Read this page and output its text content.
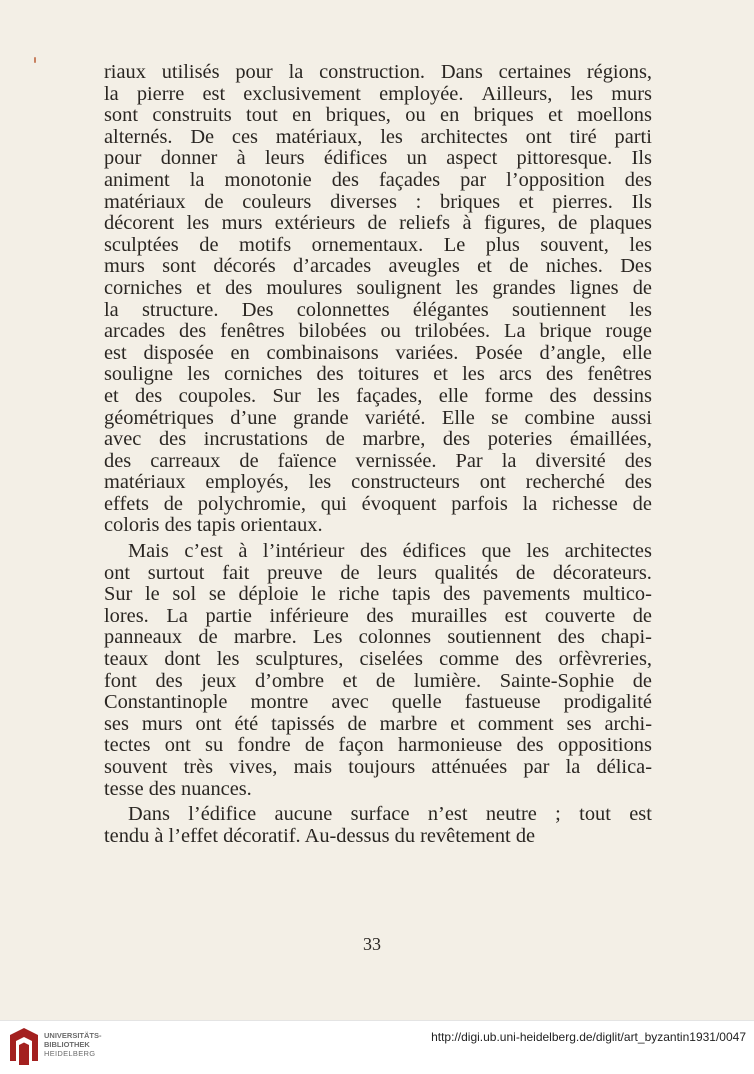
riaux utilisés pour la construction. Dans certaines régions,
la pierre est exclusivement employée. Ailleurs, les murs
sont construits tout en briques, ou en briques et moellons
alternés. De ces matériaux, les architectes ont tiré parti
pour donner à leurs édifices un aspect pittoresque. Ils
animent la monotonie des façades par l’opposition des
matériaux de couleurs diverses : briques et pierres. Ils
décorent les murs extérieurs de reliefs à figures, de plaques
sculptées de motifs ornementaux. Le plus souvent, les
murs sont décorés d’arcades aveugles et de niches. Des
corniches et des moulures soulignent les grandes lignes de
la structure. Des colonnettes élégantes soutiennent les
arcades des fenêtres bilobées ou trilobées. La brique rouge
est disposée en combinaisons variées. Posée d’angle, elle
souligne les corniches des toitures et les arcs des fenêtres
et des coupoles. Sur les façades, elle forme des dessins
géométriques d’une grande variété. Elle se combine aussi
avec des incrustations de marbre, des poteries émaillées,
des carreaux de faïence vernissée. Par la diversité des
matériaux employés, les constructeurs ont recherché des
effets de polychromie, qui évoquent parfois la richesse de
coloris des tapis orientaux.
Mais c’est à l’intérieur des édifices que les architectes
ont surtout fait preuve de leurs qualités de décorateurs.
Sur le sol se déploie le riche tapis des pavements multico-
lores. La partie inférieure des murailles est couverte de
panneaux de marbre. Les colonnes soutiennent des chapi-
teaux dont les sculptures, ciselées comme des orfèvreries,
font des jeux d’ombre et de lumière. Sainte-Sophie de
Constantinople montre avec quelle fastueuse prodigalité
ses murs ont été tapissés de marbre et comment ses archi-
tectes ont su fondre de façon harmonieuse des oppositions
souvent très vives, mais toujours atténuées par la délica-
tesse des nuances.
Dans l’édifice aucune surface n’est neutre ; tout est
tendu à l’effet décoratif. Au-dessus du revêtement de
33
UNIVERSITÄTS-
BIBLIOTHEK
HEIDELBERG
http://digi.ub.uni-heidelberg.de/diglit/art_byzantin1931/0047
